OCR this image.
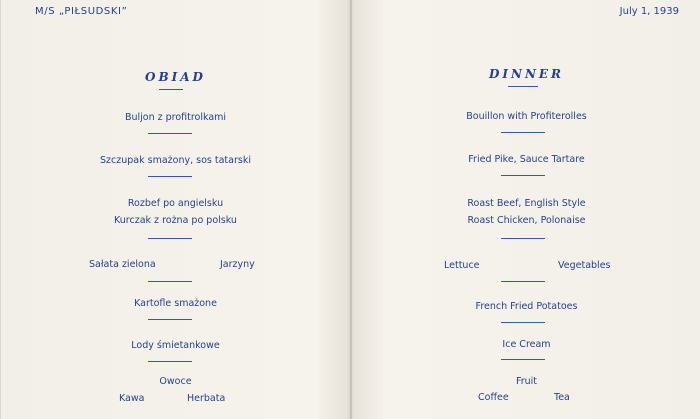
M/S „PIŁSUDSKI”
OBIAD
Buljon z profitrolkami
Szczupak smażony, sos tatarski
Rozbef po angielsku
Kurczak z rożna po polsku
Sałata zielona	Jarzyny
Kartofle smażone
Lody śmietankowe
Owoce
Kawa	Herbata
July 1, 1939
DINNER
Bouillon with Profiterolles
Fried Pike, Sauce Tartare
Roast Beef, English Style
Roast Chicken, Polonaise
Lettuce	Vegetables
French Fried Potatoes
Ice Cream
Fruit
Coffee	Tea
